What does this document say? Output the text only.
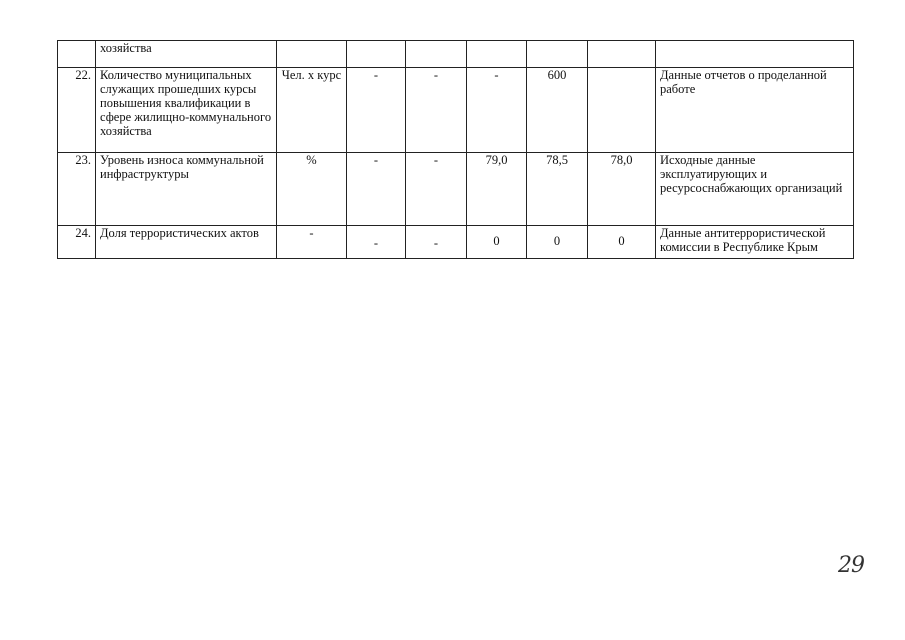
	хозяйства							
22.	Количество муниципальных служащих прошедших курсы повышения квалификации в сфере жилищно-коммунального хозяйства	Чел. х курс	-	-	-	600		Данные отчетов о проделанной работе
23.	Уровень износа коммунальной инфраструктуры	%	-	-	79,0	78,5	78,0	Исходные данные эксплуатирующих и ресурсоснабжающих организаций
24.	Доля террористических актов	-	-	-	0	0	0	Данные антитеррористической комиссии в Республике Крым
29
